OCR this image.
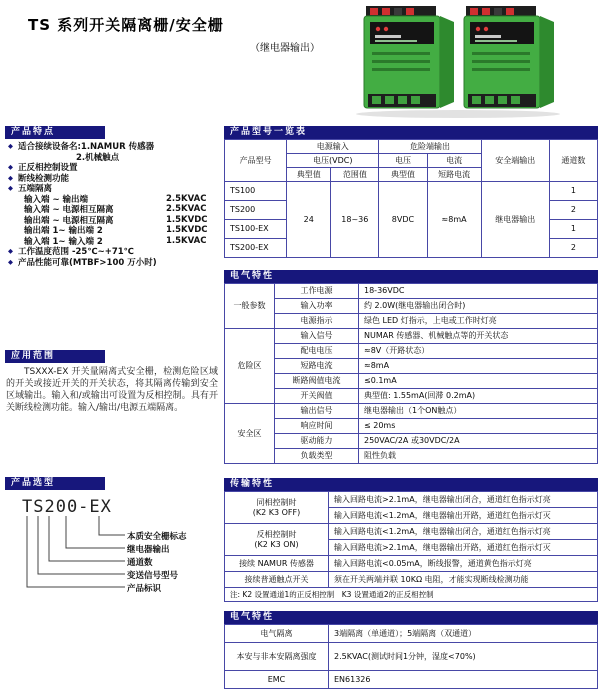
TS 系列开关隔离栅/安全栅
（继电器输出）
产品特点
◆ 适合接续设备名:1.NAMUR 传感器
2.机械触点
◆ 正反相控制设置
◆ 断线检测功能
◆ 五端隔离
输入端 ~ 输出端	2.5KVAC
输入端 ~ 电源相互隔离	2.5KVAC
输出端 ~ 电源相互隔离	1.5KVDC
输出端 1~ 输出端 2	1.5KVDC
输入端 1~ 输入端 2	1.5KVAC
◆ 工作温度范围 -25℃~+71℃
◆ 产品性能可靠(MTBF>100 万小时)
应用范围
TSXXX-EX 开关量隔离式安全栅，检测危险区域的开关或接近开关的开关状态，将其隔离传输到安全区域输出。输入和/或输出可设置为反相控制。具有开关断线检测功能。输入/输出/电源五端隔离。
产品选型
TS200-EX
本质安全栅标志
继电器输出
通道数
变送信号型号
产品标识
产品型号一览表
产品型号	电源输入		危险端输出		安全端输出	通道数
	电压(VDC)		电压	电流		
	典型值	范围值	典型值	短路电流		
TS100	24	18~36	8VDC	≈8mA	继电器输出	1
TS200						2
TS100-EX						1
TS200-EX						2
电气特性
一般参数	工作电源	18-36VDC
	输入功率	约 2.0W(继电器输出闭合时)
	电源指示	绿色 LED 灯指示，上电或工作时灯亮
危险区	输入信号	NUMAR 传感器、机械触点等的开关状态
	配电电压	≈8V（开路状态）
	短路电流	≈8mA
	断路阀值电流	≤0.1mA
	开关阀值	典型值: 1.55mA(回滞 0.2mA)
安全区	输出信号	继电器输出（1个ON触点）
	响应时间	≤ 20ms
	驱动能力	250VAC/2A 或30VDC/2A
	负载类型	阻性负载
传输特性
同相控制时
(K2 K3 OFF)	输入回路电流>2.1mA，继电器输出闭合，通道红色指示灯亮
	输入回路电流<1.2mA，继电器输出开路，通道红色指示灯灭

反相控制时
(K2 K3 ON)	输入回路电流<1.2mA，继电器输出闭合，通道红色指示灯亮
	输入回路电流>2.1mA，继电器输出开路，通道红色指示灯灭
接续 NAMUR 传感器	输入回路电流<0.05mA，断线报警，通道黄色指示灯亮
接续普通触点开关	须在开关两端并联 10KΩ 电阻，才能实现断线检测功能
注: K2 设置通道1的正反相控制　K3 设置通道2的正反相控制	
电气特性
电气隔离	3端隔离（单通道）；5端隔离（双通道）
本安与非本安隔离强度	2.5KVAC(测试时间1分钟，湿度<70%)
EMC	EN61326
